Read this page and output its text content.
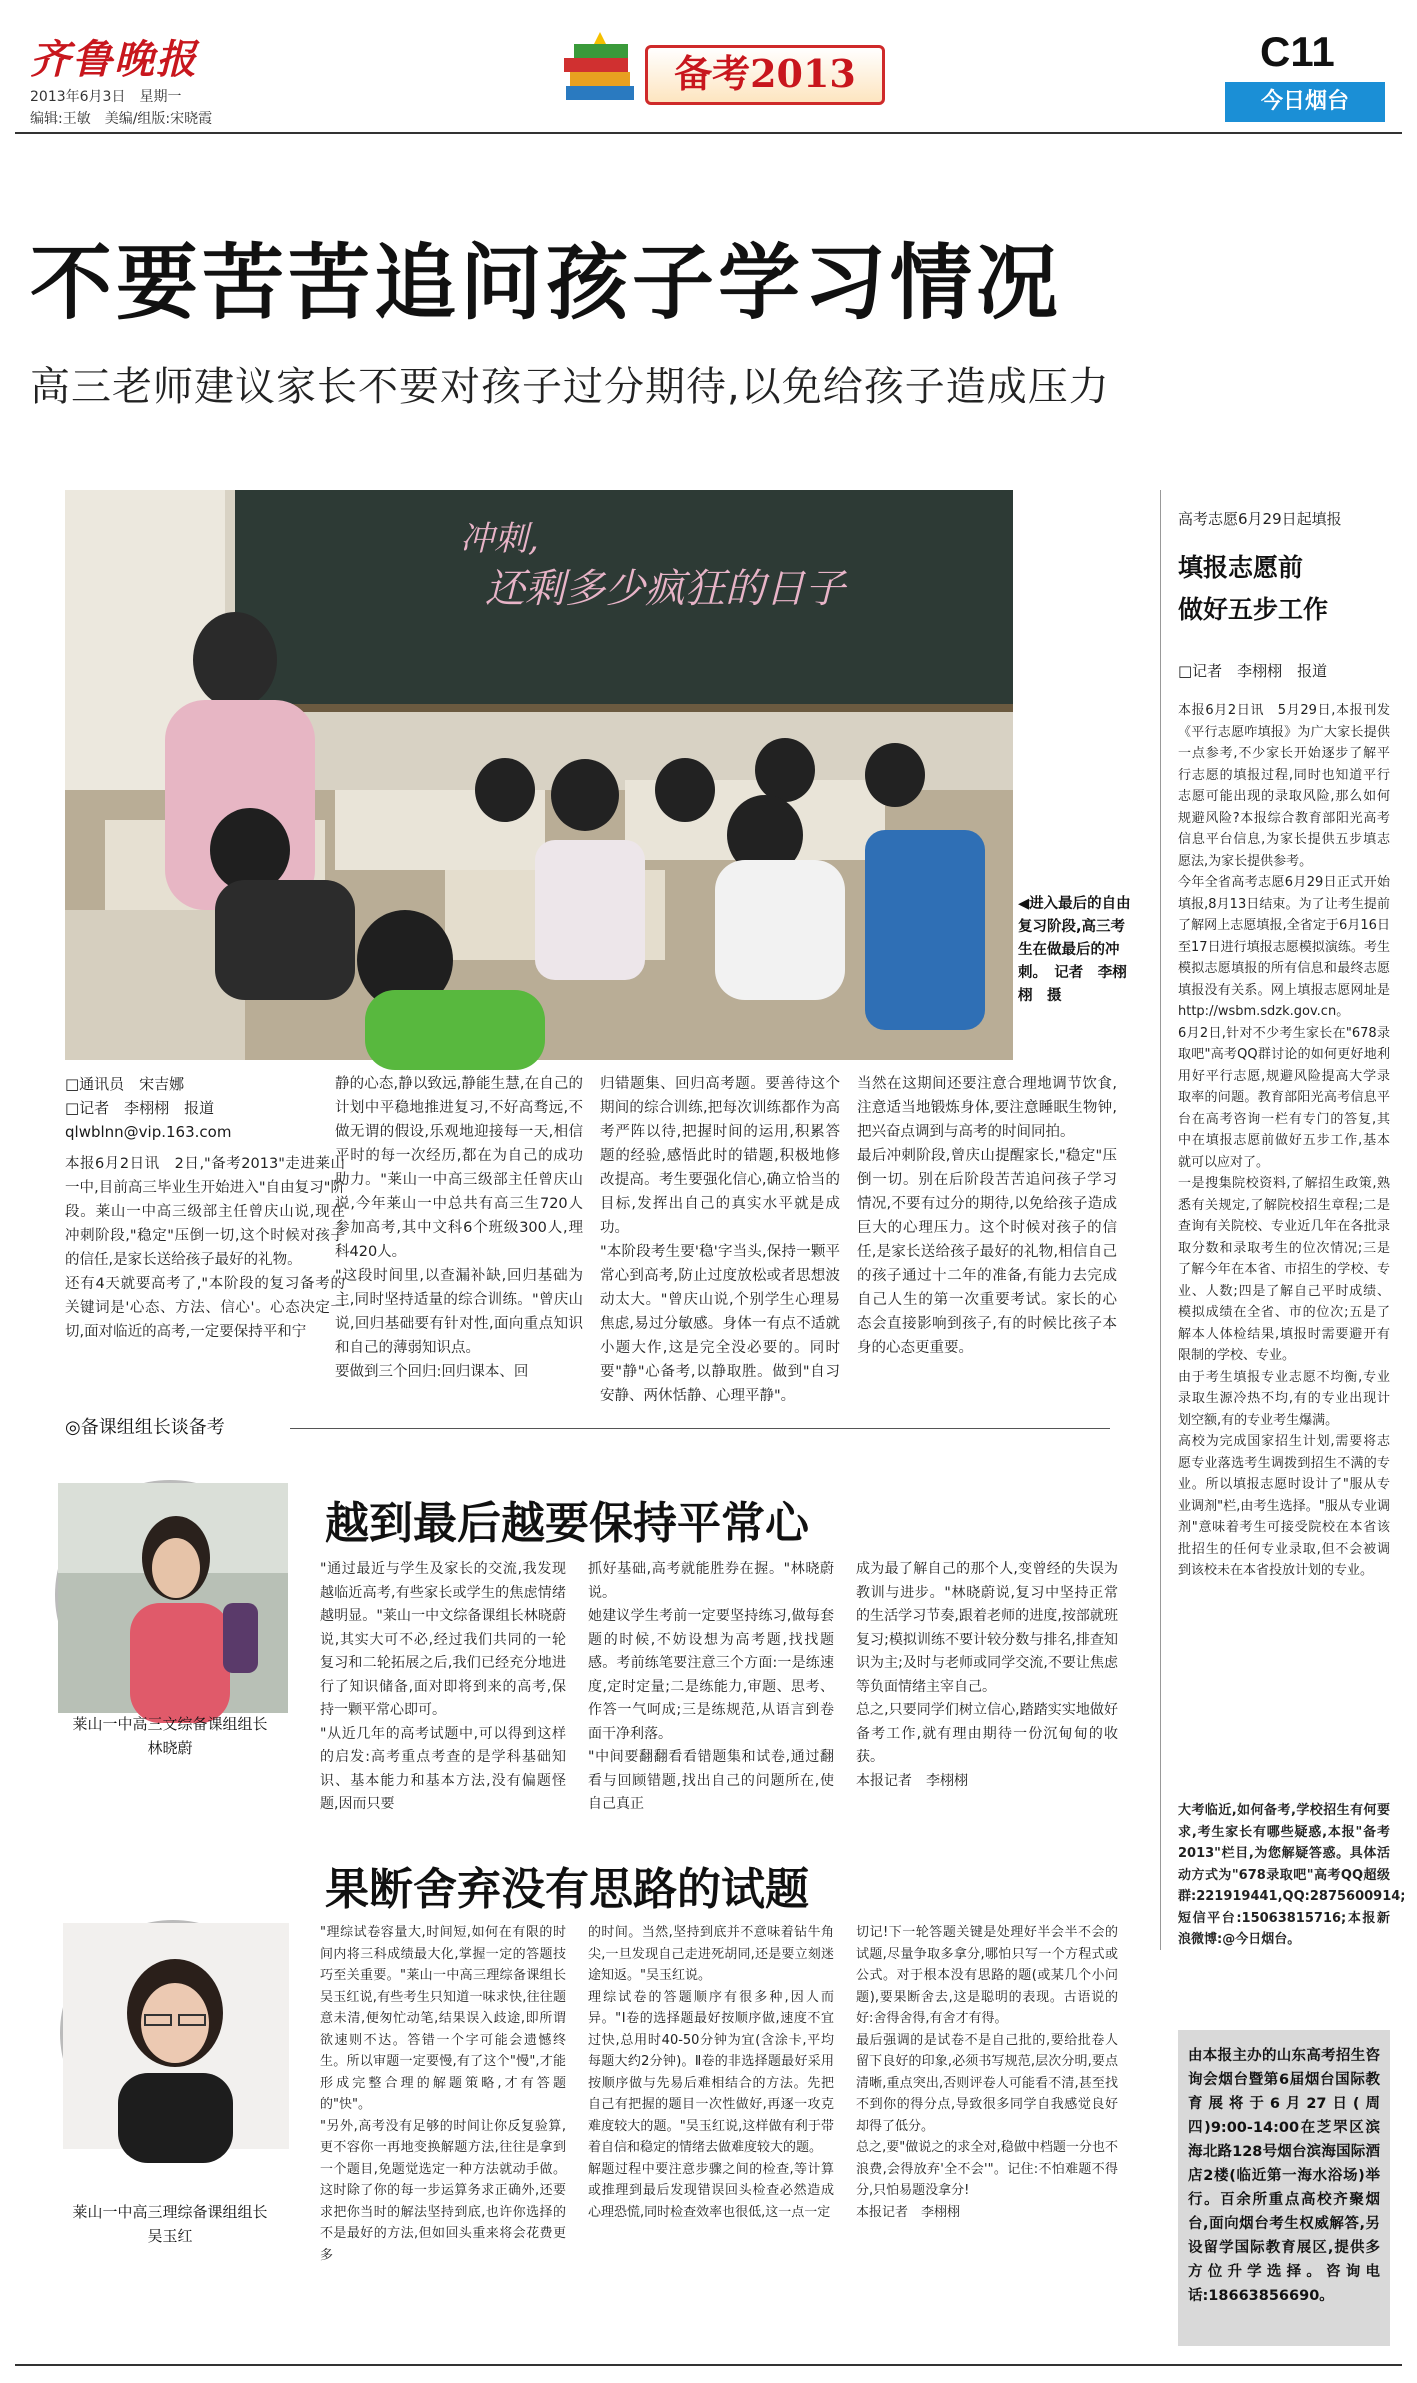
齐鲁晚报
2013年6月3日　星期一
编辑:王敏　美编/组版:宋晓霞
备考2013	C11
今日烟台
不要苦苦追问孩子学习情况
高三老师建议家长不要对孩子过分期待,以免给孩子造成压力
冲刺,
还剩多少疯狂的日子
◀进入最后的自由复习阶段,高三考生在做最后的冲刺。　记者　李栩栩　摄
□通讯员　宋吉娜
□记者　李栩栩　报道
qlwblnn@vip.163.com
本报6月2日讯　2日,"备考2013"走进莱山一中,目前高三毕业生开始进入"自由复习"阶段。莱山一中高三级部主任曾庆山说,现在冲刺阶段,"稳定"压倒一切,这个时候对孩子的信任,是家长送给孩子最好的礼物。
还有4天就要高考了,"本阶段的复习备考的关键词是'心态、方法、信心'。心态决定一切,面对临近的高考,一定要保持平和宁
静的心态,静以致远,静能生慧,在自己的计划中平稳地推进复习,不好高骛远,不做无谓的假设,乐观地迎接每一天,相信平时的每一次经历,都在为自己的成功助力。"莱山一中高三级部主任曾庆山说,今年莱山一中总共有高三生720人参加高考,其中文科6个班级300人,理科420人。
"这段时间里,以查漏补缺,回归基础为主,同时坚持适量的综合训练。"曾庆山说,回归基础要有针对性,面向重点知识和自己的薄弱知识点。
要做到三个回归:回归课本、回
归错题集、回归高考题。要善待这个期间的综合训练,把每次训练都作为高考严阵以待,把握时间的运用,积累答题的经验,感悟此时的错题,积极地修改提高。考生要强化信心,确立恰当的目标,发挥出自己的真实水平就是成功。
"本阶段考生要'稳'字当头,保持一颗平常心到高考,防止过度放松或者思想波动太大。"曾庆山说,个别学生心理易焦虑,易过分敏感。身体一有点不适就小题大作,这是完全没必要的。同时要"静"心备考,以静取胜。做到"自习安静、两休恬静、心理平静"。
当然在这期间还要注意合理地调节饮食,注意适当地锻炼身体,要注意睡眠生物钟,把兴奋点调到与高考的时间同拍。
最后冲刺阶段,曾庆山提醒家长,"稳定"压倒一切。别在后阶段苦苦追问孩子学习情况,不要有过分的期待,以免给孩子造成巨大的心理压力。这个时候对孩子的信任,是家长送给孩子最好的礼物,相信自己的孩子通过十二年的准备,有能力去完成自己人生的第一次重要考试。家长的心态会直接影响到孩子,有的时候比孩子本身的心态更重要。
◎备课组组长谈备考
越到最后越要保持平常心
莱山一中高三文综备课组组长
林晓蔚
"通过最近与学生及家长的交流,我发现越临近高考,有些家长或学生的焦虑情绪越明显。"莱山一中文综备课组长林晓蔚说,其实大可不必,经过我们共同的一轮复习和二轮拓展之后,我们已经充分地进行了知识储备,面对即将到来的高考,保持一颗平常心即可。
"从近几年的高考试题中,可以得到这样的启发:高考重点考查的是学科基础知识、基本能力和基本方法,没有偏题怪题,因而只要
抓好基础,高考就能胜券在握。"林晓蔚说。
她建议学生考前一定要坚持练习,做每套题的时候,不妨设想为高考题,找找题感。考前练笔要注意三个方面:一是练速度,定时定量;二是练能力,审题、思考、作答一气呵成;三是练规范,从语言到卷面干净利落。
"中间要翻翻看看错题集和试卷,通过翻看与回顾错题,找出自己的问题所在,使自己真正
成为最了解自己的那个人,变曾经的失误为教训与进步。"林晓蔚说,复习中坚持正常的生活学习节奏,跟着老师的进度,按部就班复习;模拟训练不要计较分数与排名,排查知识为主;及时与老师或同学交流,不要让焦虑等负面情绪主宰自己。
总之,只要同学们树立信心,踏踏实实地做好备考工作,就有理由期待一份沉甸甸的收获。
本报记者　李栩栩
果断舍弃没有思路的试题
莱山一中高三理综备课组组长
吴玉红
"理综试卷容量大,时间短,如何在有限的时间内将三科成绩最大化,掌握一定的答题技巧至关重要。"莱山一中高三理综备课组长吴玉红说,有些考生只知道一味求快,往往题意未清,便匆忙动笔,结果误入歧途,即所谓欲速则不达。答错一个字可能会遗憾终生。所以审题一定要慢,有了这个"慢",才能形成完整合理的解题策略,才有答题的"快"。
"另外,高考没有足够的时间让你反复验算,更不容你一再地变换解题方法,往往是拿到一个题目,免题觉选定一种方法就动手做。这时除了你的每一步运算务求正确外,还要求把你当时的解法坚持到底,也许你选择的不是最好的方法,但如回头重来将会花费更多
的时间。当然,坚持到底并不意味着钻牛角尖,一旦发现自己走进死胡同,还是要立刻迷途知返。"吴玉红说。
理综试卷的答题顺序有很多种,因人而异。"Ⅰ卷的选择题最好按顺序做,速度不宜过快,总用时40-50分钟为宜(含涂卡,平均每题大约2分钟)。Ⅱ卷的非选择题最好采用按顺序做与先易后难相结合的方法。先把自己有把握的题目一次性做好,再逐一攻克难度较大的题。"吴玉红说,这样做有利于带着自信和稳定的情绪去做难度较大的题。
解题过程中要注意步骤之间的检查,等计算或推理到最后发现错误回头检查必然造成心理恐慌,同时检查效率也很低,这一点一定
切记!下一轮答题关键是处理好半会半不会的试题,尽量争取多拿分,哪怕只写一个方程式或公式。对于根本没有思路的题(或某几个小问题),要果断舍去,这是聪明的表现。古语说的好:舍得舍得,有舍才有得。
最后强调的是试卷不是自己批的,要给批卷人留下良好的印象,必须书写规范,层次分明,要点清晰,重点突出,否则评卷人可能看不清,甚至找不到你的得分点,导致很多同学自我感觉良好却得了低分。
总之,要"做说之的求全对,稳做中档题一分也不浪费,会得放弃'全不会'"。记住:不怕难题不得分,只怕易题没拿分!
本报记者　李栩栩
高考志愿6月29日起填报
填报志愿前
做好五步工作
□记者　李栩栩　报道
本报6月2日讯　5月29日,本报刊发《平行志愿咋填报》为广大家长提供一点参考,不少家长开始逐步了解平行志愿的填报过程,同时也知道平行志愿可能出现的录取风险,那么如何规避风险?本报综合教育部阳光高考信息平台信息,为家长提供五步填志愿法,为家长提供参考。
今年全省高考志愿6月29日正式开始填报,8月13日结束。为了让考生提前了解网上志愿填报,全省定于6月16日至17日进行填报志愿模拟演练。考生模拟志愿填报的所有信息和最终志愿填报没有关系。网上填报志愿网址是http://wsbm.sdzk.gov.cn。
6月2日,针对不少考生家长在"678录取吧"高考QQ群讨论的如何更好地利用好平行志愿,规避风险提高大学录取率的问题。教育部阳光高考信息平台在高考咨询一栏有专门的答复,其中在填报志愿前做好五步工作,基本就可以应对了。
一是搜集院校资料,了解招生政策,熟悉有关规定,了解院校招生章程;二是查询有关院校、专业近几年在各批录取分数和录取考生的位次情况;三是了解今年在本省、市招生的学校、专业、人数;四是了解自己平时成绩、模拟成绩在全省、市的位次;五是了解本人体检结果,填报时需要避开有限制的学校、专业。
由于考生填报专业志愿不均衡,专业录取生源冷热不均,有的专业出现计划空额,有的专业考生爆满。
高校为完成国家招生计划,需要将志愿专业落选考生调拨到招生不满的专业。所以填报志愿时设计了"服从专业调剂"栏,由考生选择。"服从专业调剂"意味着考生可接受院校在本省该批招生的任何专业录取,但不会被调到该校未在本省投放计划的专业。
大考临近,如何备考,学校招生有何要求,考生家长有哪些疑惑,本报"备考2013"栏目,为您解疑答惑。具体活动方式为"678录取吧"高考QQ超级群:221919441,QQ:2875600914;短信平台:15063815716;本报新浪微博:@今日烟台。
由本报主办的山东高考招生咨询会烟台暨第6届烟台国际教育展将于6月27日(周四)9:00-14:00在芝罘区滨海北路128号烟台滨海国际酒店2楼(临近第一海水浴场)举行。百余所重点高校齐聚烟台,面向烟台考生权威解答,另设留学国际教育展区,提供多方位升学选择。咨询电话:18663856690。
